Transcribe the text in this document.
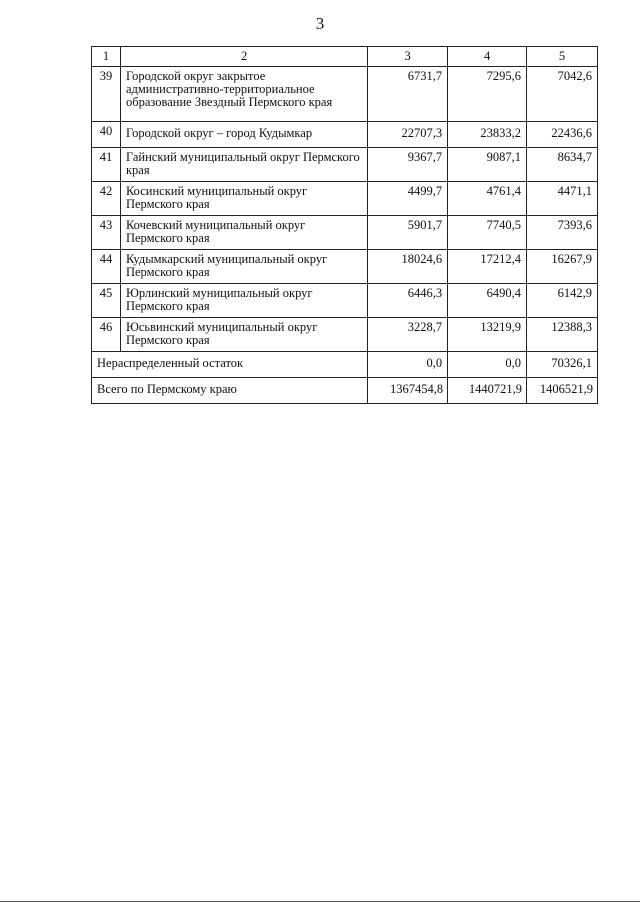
3
1	2	3	4	5
39	Городской округ закрытое административно-территориальное образование Звездный Пермского края	6731,7	7295,6	7042,6
40	Городской округ – город Кудымкар	22707,3	23833,2	22436,6
41	Гайнский муниципальный округ Пермского края	9367,7	9087,1	8634,7
42	Косинский муниципальный округ Пермского края	4499,7	4761,4	4471,1
43	Кочевский муниципальный округ Пермского края	5901,7	7740,5	7393,6
44	Кудымкарский муниципальный округ Пермского края	18024,6	17212,4	16267,9
45	Юрлинский муниципальный округ Пермского края	6446,3	6490,4	6142,9
46	Юсьвинский муниципальный округ Пермского края	3228,7	13219,9	12388,3
Нераспределенный остаток		0,0	0,0	70326,1
Всего по Пермскому краю		1367454,8	1440721,9	1406521,9
